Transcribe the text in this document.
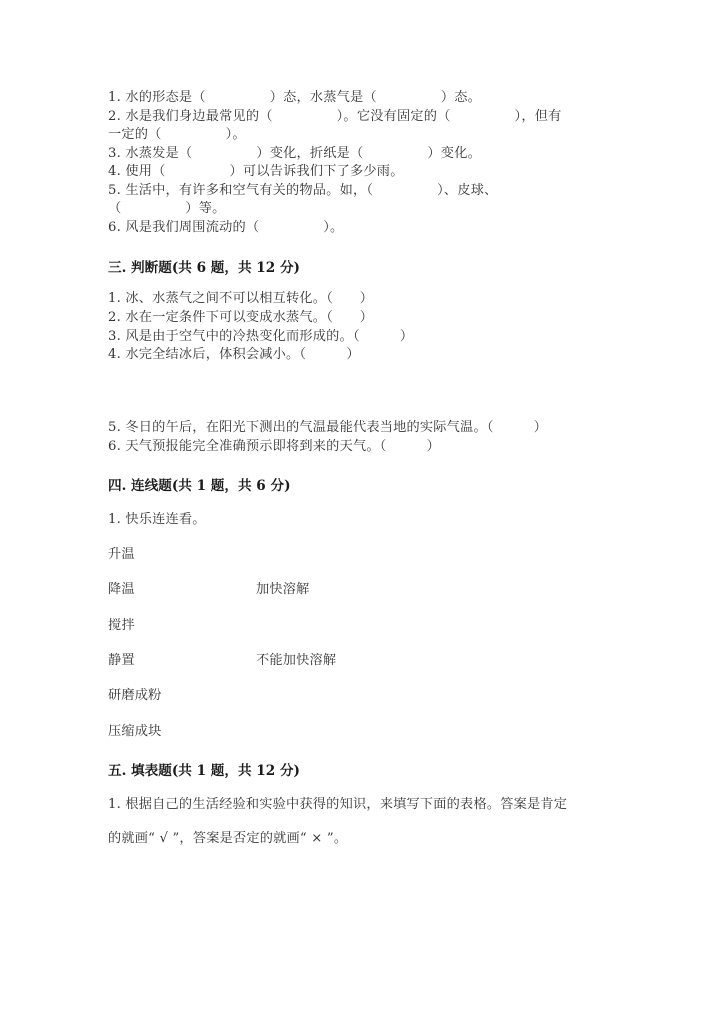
1. 水的形态是（	）态，水蒸气是（	）态。
2. 水是我们身边最常见的（	）。它没有固定的（	），但有
一定的（	）。
3. 水蒸发是（	）变化，折纸是（	）变化。
4. 使用（	）可以告诉我们下了多少雨。
5. 生活中，有许多和空气有关的物品。如，（	）、皮球、
（	）等。
6. 风是我们周围流动的（	）。
三. 判断题(共 6 题，共 12 分)
1. 冰、水蒸气之间不可以相互转化。（　　）
2. 水在一定条件下可以变成水蒸气。（　　）
3. 风是由于空气中的冷热变化而形成的。（　　　）
4. 水完全结冰后，体积会减小。（　　　）
5. 冬日的午后，在阳光下测出的气温最能代表当地的实际气温。（　　　）
6. 天气预报能完全准确预示即将到来的天气。（　　　）
四. 连线题(共 1 题，共 6 分)
1. 快乐连连看。
升温
降温	加快溶解
搅拌
静置	不能加快溶解
研磨成粉
压缩成块
五. 填表题(共 1 题，共 12 分)
1. 根据自己的生活经验和实验中获得的知识，来填写下面的表格。答案是肯定
的就画“ √ ”，答案是否定的就画“ × ”。
